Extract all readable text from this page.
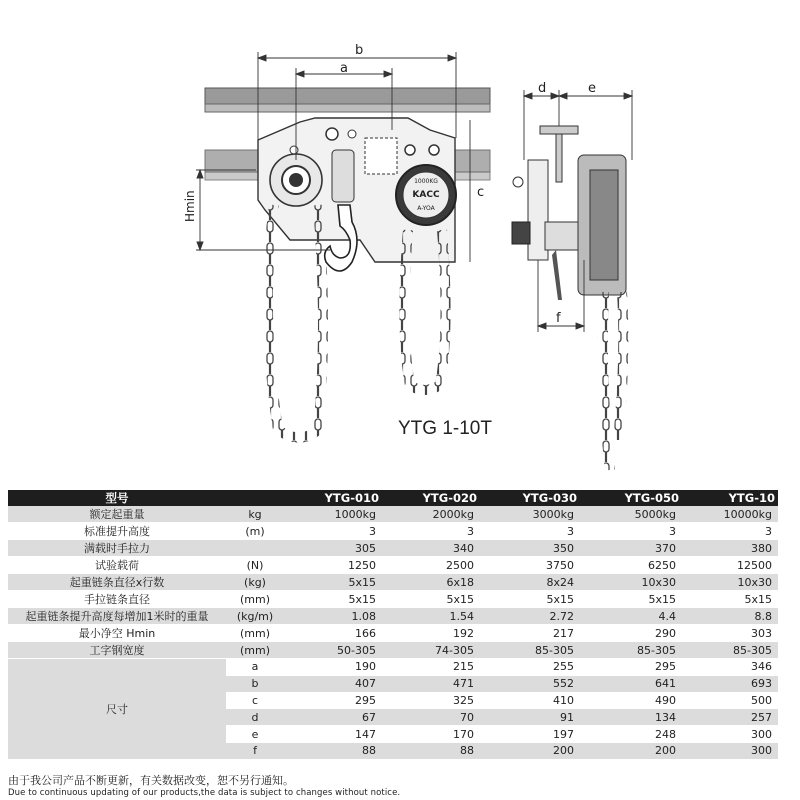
1000KG
KACC
A-YOA
b
a
c
Hmin
d	e
f
YTG 1-10T
型号		YTG-010	YTG-020	YTG-030	YTG-050	YTG-10
额定起重量	kg	1000kg	2000kg	3000kg	5000kg	10000kg
标准提升高度	(m)	3	3	3	3	3
满载时手拉力		305	340	350	370	380
试验载荷	(N)	1250	2500	3750	6250	12500
起重链条直径x行数	(kg)	5x15	6x18	8x24	10x30	10x30
手拉链条直径	(mm)	5x15	5x15	5x15	5x15	5x15
起重链条提升高度每增加1米时的重量	(kg/m)	1.08	1.54	2.72	4.4	8.8
最小净空 Hmin	(mm)	166	192	217	290	303
工字钢宽度	(mm)	50-305	74-305	85-305	85-305	85-305
尺寸	a	190	215	255	295	346
	b	407	471	552	641	693
	c	295	325	410	490	500
	d	67	70	91	134	257
	e	147	170	197	248	300
	f	88	88	200	200	300
由于我公司产品不断更新，有关数据改变，恕不另行通知。
Due to continuous updating of our products,the data is subject to changes without notice.
